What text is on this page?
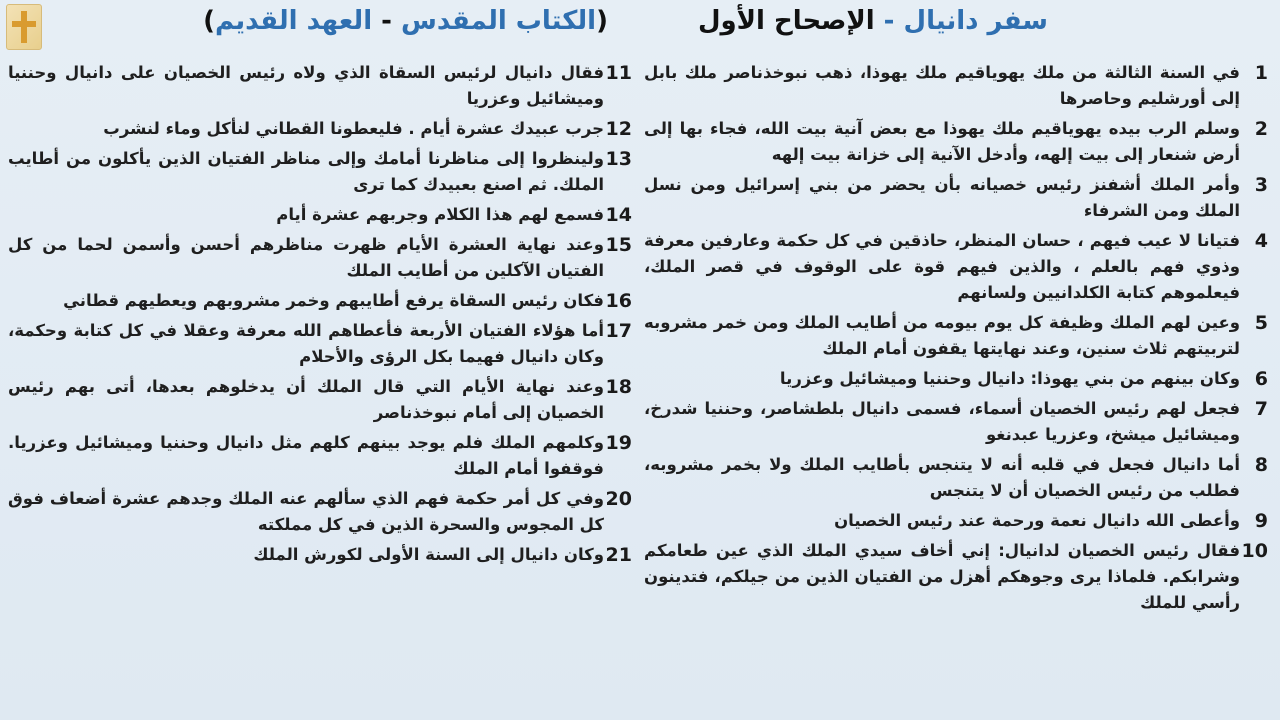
سفر دانيال - الإصحاح الأول
(الكتاب المقدس - العهد القديم)
1
في السنة الثالثة من ملك يهوياقيم ملك يهوذا، ذهب نبوخذناصر ملك بابل إلى أورشليم وحاصرها
2
وسلم الرب بيده يهوياقيم ملك يهوذا مع بعض آنية بيت الله، فجاء بها إلى أرض شنعار إلى بيت إلهه، وأدخل الآنية إلى خزانة بيت إلهه
3
وأمر الملك أشفنز رئيس خصيانه بأن يحضر من بني إسرائيل ومن نسل الملك ومن الشرفاء
4
فتيانا لا عيب فيهم ، حسان المنظر، حاذقين في كل حكمة وعارفين معرفة وذوي فهم بالعلم ، والذين فيهم قوة على الوقوف في قصر الملك، فيعلموهم كتابة الكلدانيين ولسانهم
5
وعين لهم الملك وظيفة كل يوم بيومه من أطايب الملك ومن خمر مشروبه لتربيتهم ثلاث سنين، وعند نهايتها يقفون أمام الملك
6
وكان بينهم من بني يهوذا: دانيال وحننيا وميشائيل وعزريا
7
فجعل لهم رئيس الخصيان أسماء، فسمى دانيال بلطشاصر، وحننيا شدرخ، وميشائيل ميشخ، وعزريا عبدنغو
8
أما دانيال فجعل في قلبه أنه لا يتنجس بأطايب الملك ولا بخمر مشروبه، فطلب من رئيس الخصيان أن لا يتنجس
9
وأعطى الله دانيال نعمة ورحمة عند رئيس الخصيان
10
فقال رئيس الخصيان لدانيال: إني أخاف سيدي الملك الذي عين طعامكم وشرابكم. فلماذا يرى وجوهكم أهزل من الفتيان الذين من جيلكم، فتدينون رأسي للملك
11
فقال دانيال لرئيس السقاة الذي ولاه رئيس الخصيان على دانيال وحننيا وميشائيل وعزريا
12
جرب عبيدك عشرة أيام . فليعطونا القطاني لنأكل وماء لنشرب
13
ولينظروا إلى مناظرنا أمامك وإلى مناظر الفتيان الذين يأكلون من أطايب الملك. ثم اصنع بعبيدك كما ترى
14
فسمع لهم هذا الكلام وجربهم عشرة أيام
15
وعند نهاية العشرة الأيام ظهرت مناظرهم أحسن وأسمن لحما من كل الفتيان الآكلين من أطايب الملك
16
فكان رئيس السقاة يرفع أطايبهم وخمر مشروبهم ويعطيهم قطاني
17
أما هؤلاء الفتيان الأربعة فأعطاهم الله معرفة وعقلا في كل كتابة وحكمة، وكان دانيال فهيما بكل الرؤى والأحلام
18
وعند نهاية الأيام التي قال الملك أن يدخلوهم بعدها، أتى بهم رئيس الخصيان إلى أمام نبوخذناصر
19
وكلمهم الملك فلم يوجد بينهم كلهم مثل دانيال وحننيا وميشائيل وعزريا. فوقفوا أمام الملك
20
وفي كل أمر حكمة فهم الذي سألهم عنه الملك وجدهم عشرة أضعاف فوق كل المجوس والسحرة الذين في كل مملكته
21
وكان دانيال إلى السنة الأولى لكورش الملك
